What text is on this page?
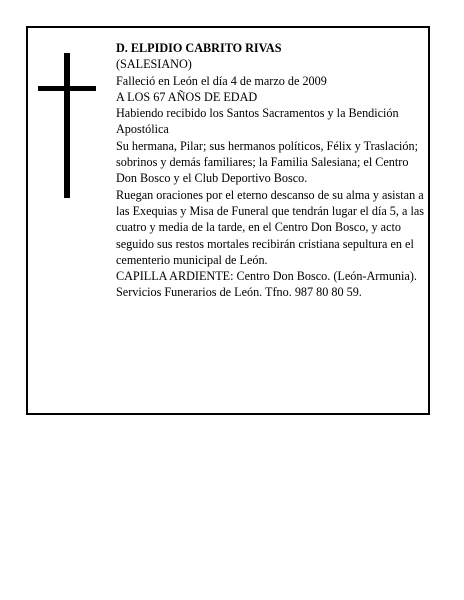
D. ELPIDIO CABRITO RIVAS

(SALESIANO)

Falleció en León el día 4 de marzo de 2009

A LOS 67 AÑOS DE EDAD

Habiendo recibido los Santos Sacramentos y la Bendición Apostólica

Su hermana, Pilar; sus hermanos políticos, Félix y Traslación; sobrinos y demás familiares; la Familia Salesiana; el Centro Don Bosco y el Club Deportivo Bosco.

Ruegan oraciones por el eterno descanso de su alma y asistan a las Exequias y Misa de Funeral que tendrán lugar el día 5, a las cuatro y media de la tarde, en el Centro Don Bosco, y acto seguido sus restos mortales recibirán cristiana sepultura en el cementerio municipal de León.

CAPILLA ARDIENTE: Centro Don Bosco. (León-Armunia).

Servicios Funerarios de León. Tfno. 987 80 80 59.
